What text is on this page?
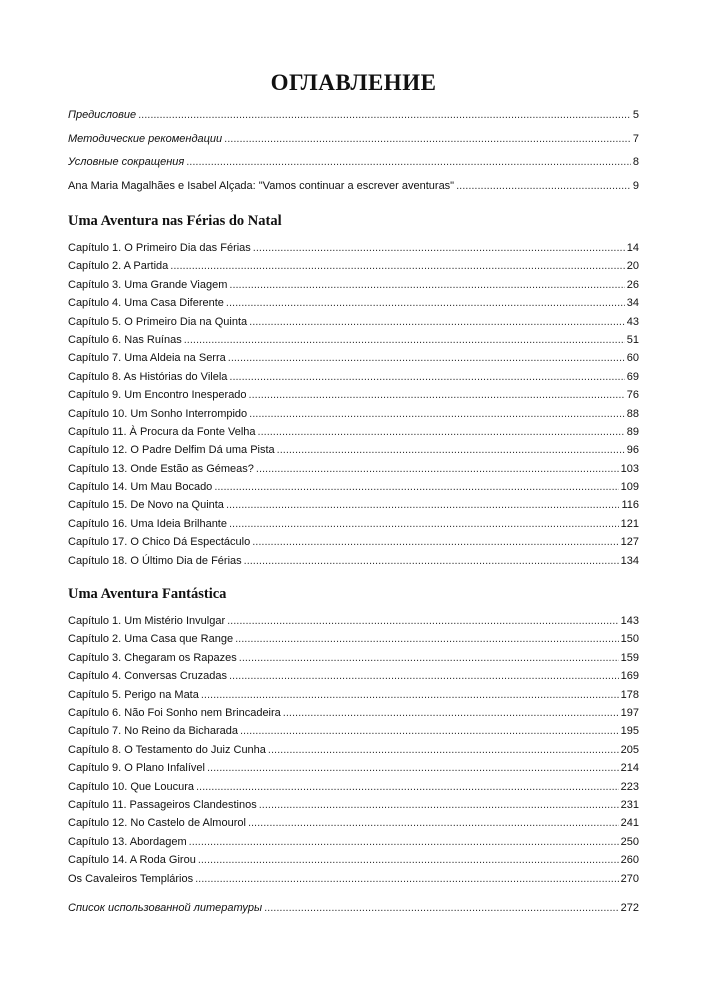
ОГЛАВЛЕНИЕ
Предисловие .....	5
Методические рекомендации .....	7
Условные сокращения .....	8
Ana Maria Magalhães e Isabel Alçada: "Vamos continuar a escrever aventuras" .....	9
Uma Aventura nas Férias do Natal
Capítulo 1. O Primeiro Dia das Férias .....	14
Capítulo 2. A Partida .....	20
Capítulo 3. Uma Grande Viagem .....	26
Capítulo 4. Uma Casa Diferente .....	34
Capítulo 5. O Primeiro Dia na Quinta .....	43
Capítulo 6. Nas Ruínas .....	51
Capítulo 7. Uma Aldeia na Serra .....	60
Capítulo 8. As Histórias do Vilela .....	69
Capítulo 9. Um Encontro Inesperado .....	76
Capítulo 10. Um Sonho Interrompido .....	88
Capítulo 11. À Procura da Fonte Velha .....	89
Capítulo 12. O Padre Delfim Dá uma Pista .....	96
Capítulo 13. Onde Estão as Gémeas? .....	103
Capítulo 14. Um Mau Bocado .....	109
Capítulo 15. De Novo na Quinta .....	116
Capítulo 16. Uma Ideia Brilhante .....	121
Capítulo 17. O Chico Dá Espectáculo .....	127
Capítulo 18. O Último Dia de Férias .....	134
Uma Aventura Fantástica
Capítulo 1. Um Mistério Invulgar .....	143
Capítulo 2. Uma Casa que Range .....	150
Capítulo 3. Chegaram os Rapazes .....	159
Capítulo 4. Conversas Cruzadas .....	169
Capítulo 5. Perigo na Mata .....	178
Capítulo 6. Não Foi Sonho nem Brincadeira .....	197
Capítulo 7. No Reino da Bicharada .....	195
Capítulo 8. O Testamento do Juiz Cunha .....	205
Capítulo 9. O Plano Infalível .....	214
Capítulo 10. Que Loucura .....	223
Capítulo 11. Passageiros Clandestinos .....	231
Capítulo 12. No Castelo de Almourol .....	241
Capítulo 13. Abordagem .....	250
Capítulo 14. A Roda Girou .....	260
Os Cavaleiros Templários .....	270
Список использованной литературы .....	272
